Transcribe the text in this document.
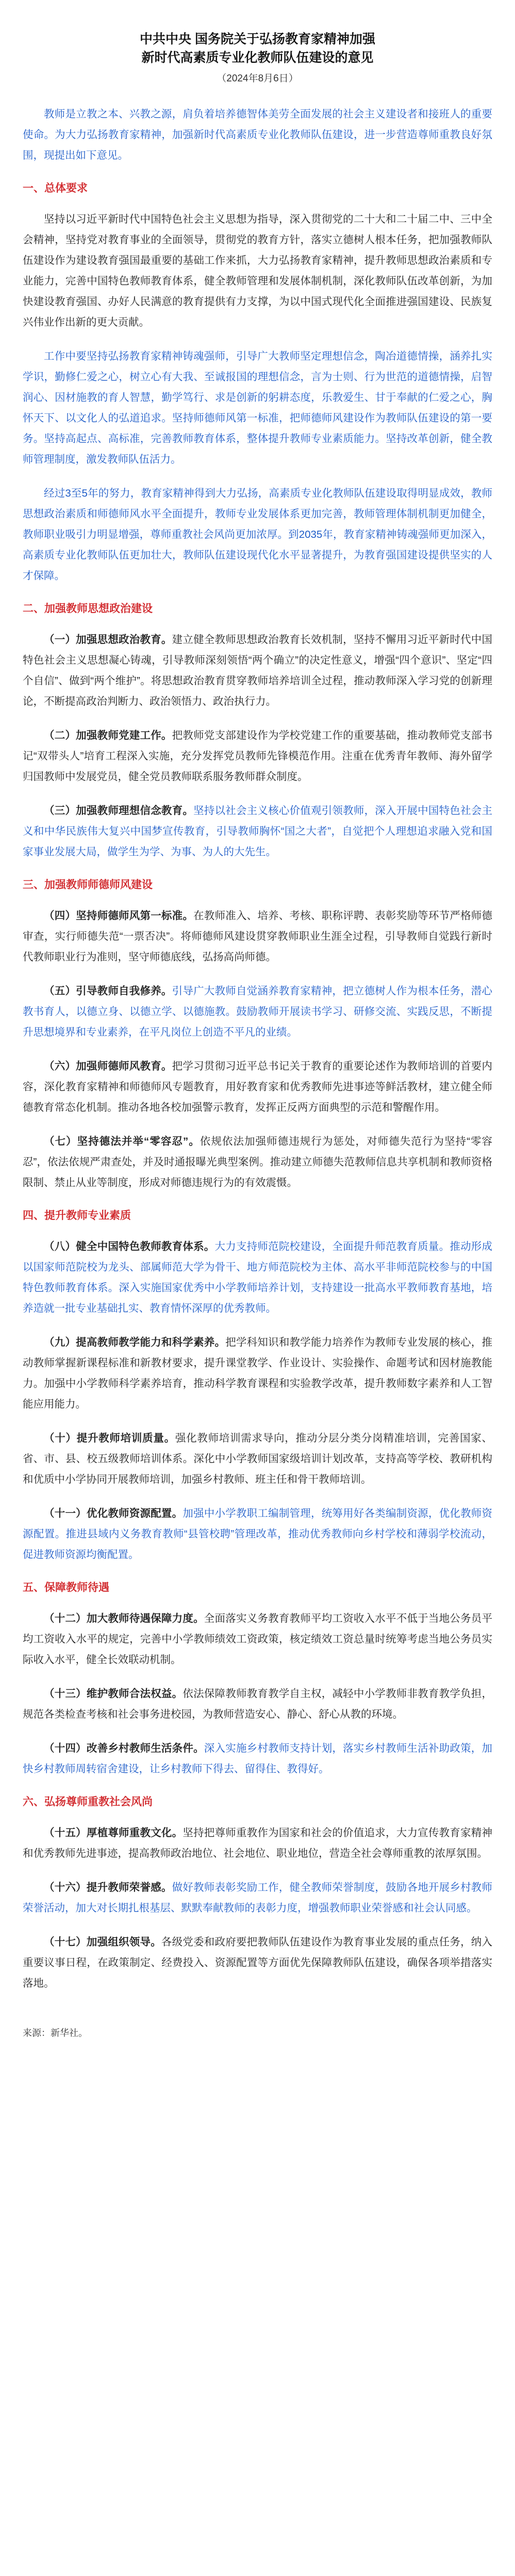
中共中央 国务院关于弘扬教育家精神加强
新时代高素质专业化教师队伍建设的意见
（2024年8月6日）

教师是立教之本、兴教之源，肩负着培养德智体美劳全面发展的社会主义建设者和接班人的重要使命。为大力弘扬教育家精神，加强新时代高素质专业化教师队伍建设，进一步营造尊师重教良好氛围，现提出如下意见。

一、总体要求

坚持以习近平新时代中国特色社会主义思想为指导，深入贯彻党的二十大和二十届二中、三中全会精神，坚持党对教育事业的全面领导，贯彻党的教育方针，落实立德树人根本任务，把加强教师队伍建设作为建设教育强国最重要的基础工作来抓，大力弘扬教育家精神，提升教师思想政治素质和专业能力，完善中国特色教师教育体系，健全教师管理和发展体制机制，深化教师队伍改革创新，为加快建设教育强国、办好人民满意的教育提供有力支撑，为以中国式现代化全面推进强国建设、民族复兴伟业作出新的更大贡献。

工作中要坚持弘扬教育家精神铸魂强师，引导广大教师坚定理想信念，陶冶道德情操，涵养扎实学识，勤修仁爱之心，树立心有大我、至诚报国的理想信念，言为士则、行为世范的道德情操，启智润心、因材施教的育人智慧，勤学笃行、求是创新的躬耕态度，乐教爱生、甘于奉献的仁爱之心，胸怀天下、以文化人的弘道追求。坚持师德师风第一标准，把师德师风建设作为教师队伍建设的第一要务。坚持高起点、高标准，完善教师教育体系，整体提升教师专业素质能力。坚持改革创新，健全教师管理制度，激发教师队伍活力。

经过3至5年的努力，教育家精神得到大力弘扬，高素质专业化教师队伍建设取得明显成效，教师思想政治素质和师德师风水平全面提升，教师专业发展体系更加完善，教师管理体制机制更加健全，教师职业吸引力明显增强，尊师重教社会风尚更加浓厚。到2035年，教育家精神铸魂强师更加深入，高素质专业化教师队伍更加壮大，教师队伍建设现代化水平显著提升，为教育强国建设提供坚实的人才保障。

二、加强教师思想政治建设

（一）加强思想政治教育。建立健全教师思想政治教育长效机制，坚持不懈用习近平新时代中国特色社会主义思想凝心铸魂，引导教师深刻领悟“两个确立”的决定性意义，增强“四个意识”、坚定“四个自信”、做到“两个维护”。将思想政治教育贯穿教师培养培训全过程，推动教师深入学习党的创新理论，不断提高政治判断力、政治领悟力、政治执行力。

（二）加强教师党建工作。把教师党支部建设作为学校党建工作的重要基础，推动教师党支部书记“双带头人”培育工程深入实施，充分发挥党员教师先锋模范作用。注重在优秀青年教师、海外留学归国教师中发展党员，健全党员教师联系服务教师群众制度。

（三）加强教师理想信念教育。坚持以社会主义核心价值观引领教师，深入开展中国特色社会主义和中华民族伟大复兴中国梦宣传教育，引导教师胸怀“国之大者”，自觉把个人理想追求融入党和国家事业发展大局，做学生为学、为事、为人的大先生。

三、加强教师师德师风建设

（四）坚持师德师风第一标准。在教师准入、培养、考核、职称评聘、表彰奖励等环节严格师德审查，实行师德失范“一票否决”。将师德师风建设贯穿教师职业生涯全过程，引导教师自觉践行新时代教师职业行为准则，坚守师德底线，弘扬高尚师德。

（五）引导教师自我修养。引导广大教师自觉涵养教育家精神，把立德树人作为根本任务，潜心教书育人，以德立身、以德立学、以德施教。鼓励教师开展读书学习、研修交流、实践反思，不断提升思想境界和专业素养，在平凡岗位上创造不平凡的业绩。

（六）加强师德师风教育。把学习贯彻习近平总书记关于教育的重要论述作为教师培训的首要内容，深化教育家精神和师德师风专题教育，用好教育家和优秀教师先进事迹等鲜活教材，建立健全师德教育常态化机制。推动各地各校加强警示教育，发挥正反两方面典型的示范和警醒作用。

（七）坚持德法并举“零容忍”。依规依法加强师德违规行为惩处，对师德失范行为坚持“零容忍”，依法依规严肃查处，并及时通报曝光典型案例。推动建立师德失范教师信息共享机制和教师资格限制、禁止从业等制度，形成对师德违规行为的有效震慑。

四、提升教师专业素质

（八）健全中国特色教师教育体系。大力支持师范院校建设，全面提升师范教育质量。推动形成以国家师范院校为龙头、部属师范大学为骨干、地方师范院校为主体、高水平非师范院校参与的中国特色教师教育体系。深入实施国家优秀中小学教师培养计划，支持建设一批高水平教师教育基地，培养造就一批专业基础扎实、教育情怀深厚的优秀教师。

（九）提高教师教学能力和科学素养。把学科知识和教学能力培养作为教师专业发展的核心，推动教师掌握新课程标准和新教材要求，提升课堂教学、作业设计、实验操作、命题考试和因材施教能力。加强中小学教师科学素养培育，推动科学教育课程和实验教学改革，提升教师数字素养和人工智能应用能力。

（十）提升教师培训质量。强化教师培训需求导向，推动分层分类分岗精准培训，完善国家、省、市、县、校五级教师培训体系。深化中小学教师国家级培训计划改革，支持高等学校、教研机构和优质中小学协同开展教师培训，加强乡村教师、班主任和骨干教师培训。

（十一）优化教师资源配置。加强中小学教职工编制管理，统筹用好各类编制资源，优化教师资源配置。推进县域内义务教育教师“县管校聘”管理改革，推动优秀教师向乡村学校和薄弱学校流动，促进教师资源均衡配置。

五、保障教师待遇

（十二）加大教师待遇保障力度。全面落实义务教育教师平均工资收入水平不低于当地公务员平均工资收入水平的规定，完善中小学教师绩效工资政策，核定绩效工资总量时统筹考虑当地公务员实际收入水平，健全长效联动机制。

（十三）维护教师合法权益。依法保障教师教育教学自主权，减轻中小学教师非教育教学负担，规范各类检查考核和社会事务进校园，为教师营造安心、静心、舒心从教的环境。

（十四）改善乡村教师生活条件。深入实施乡村教师支持计划，落实乡村教师生活补助政策，加快乡村教师周转宿舍建设，让乡村教师下得去、留得住、教得好。

六、弘扬尊师重教社会风尚

（十五）厚植尊师重教文化。坚持把尊师重教作为国家和社会的价值追求，大力宣传教育家精神和优秀教师先进事迹，提高教师政治地位、社会地位、职业地位，营造全社会尊师重教的浓厚氛围。

（十六）提升教师荣誉感。做好教师表彰奖励工作，健全教师荣誉制度，鼓励各地开展乡村教师荣誉活动，加大对长期扎根基层、默默奉献教师的表彰力度，增强教师职业荣誉感和社会认同感。

（十七）加强组织领导。各级党委和政府要把教师队伍建设作为教育事业发展的重点任务，纳入重要议事日程，在政策制定、经费投入、资源配置等方面优先保障教师队伍建设，确保各项举措落实落地。

来源：新华社。
